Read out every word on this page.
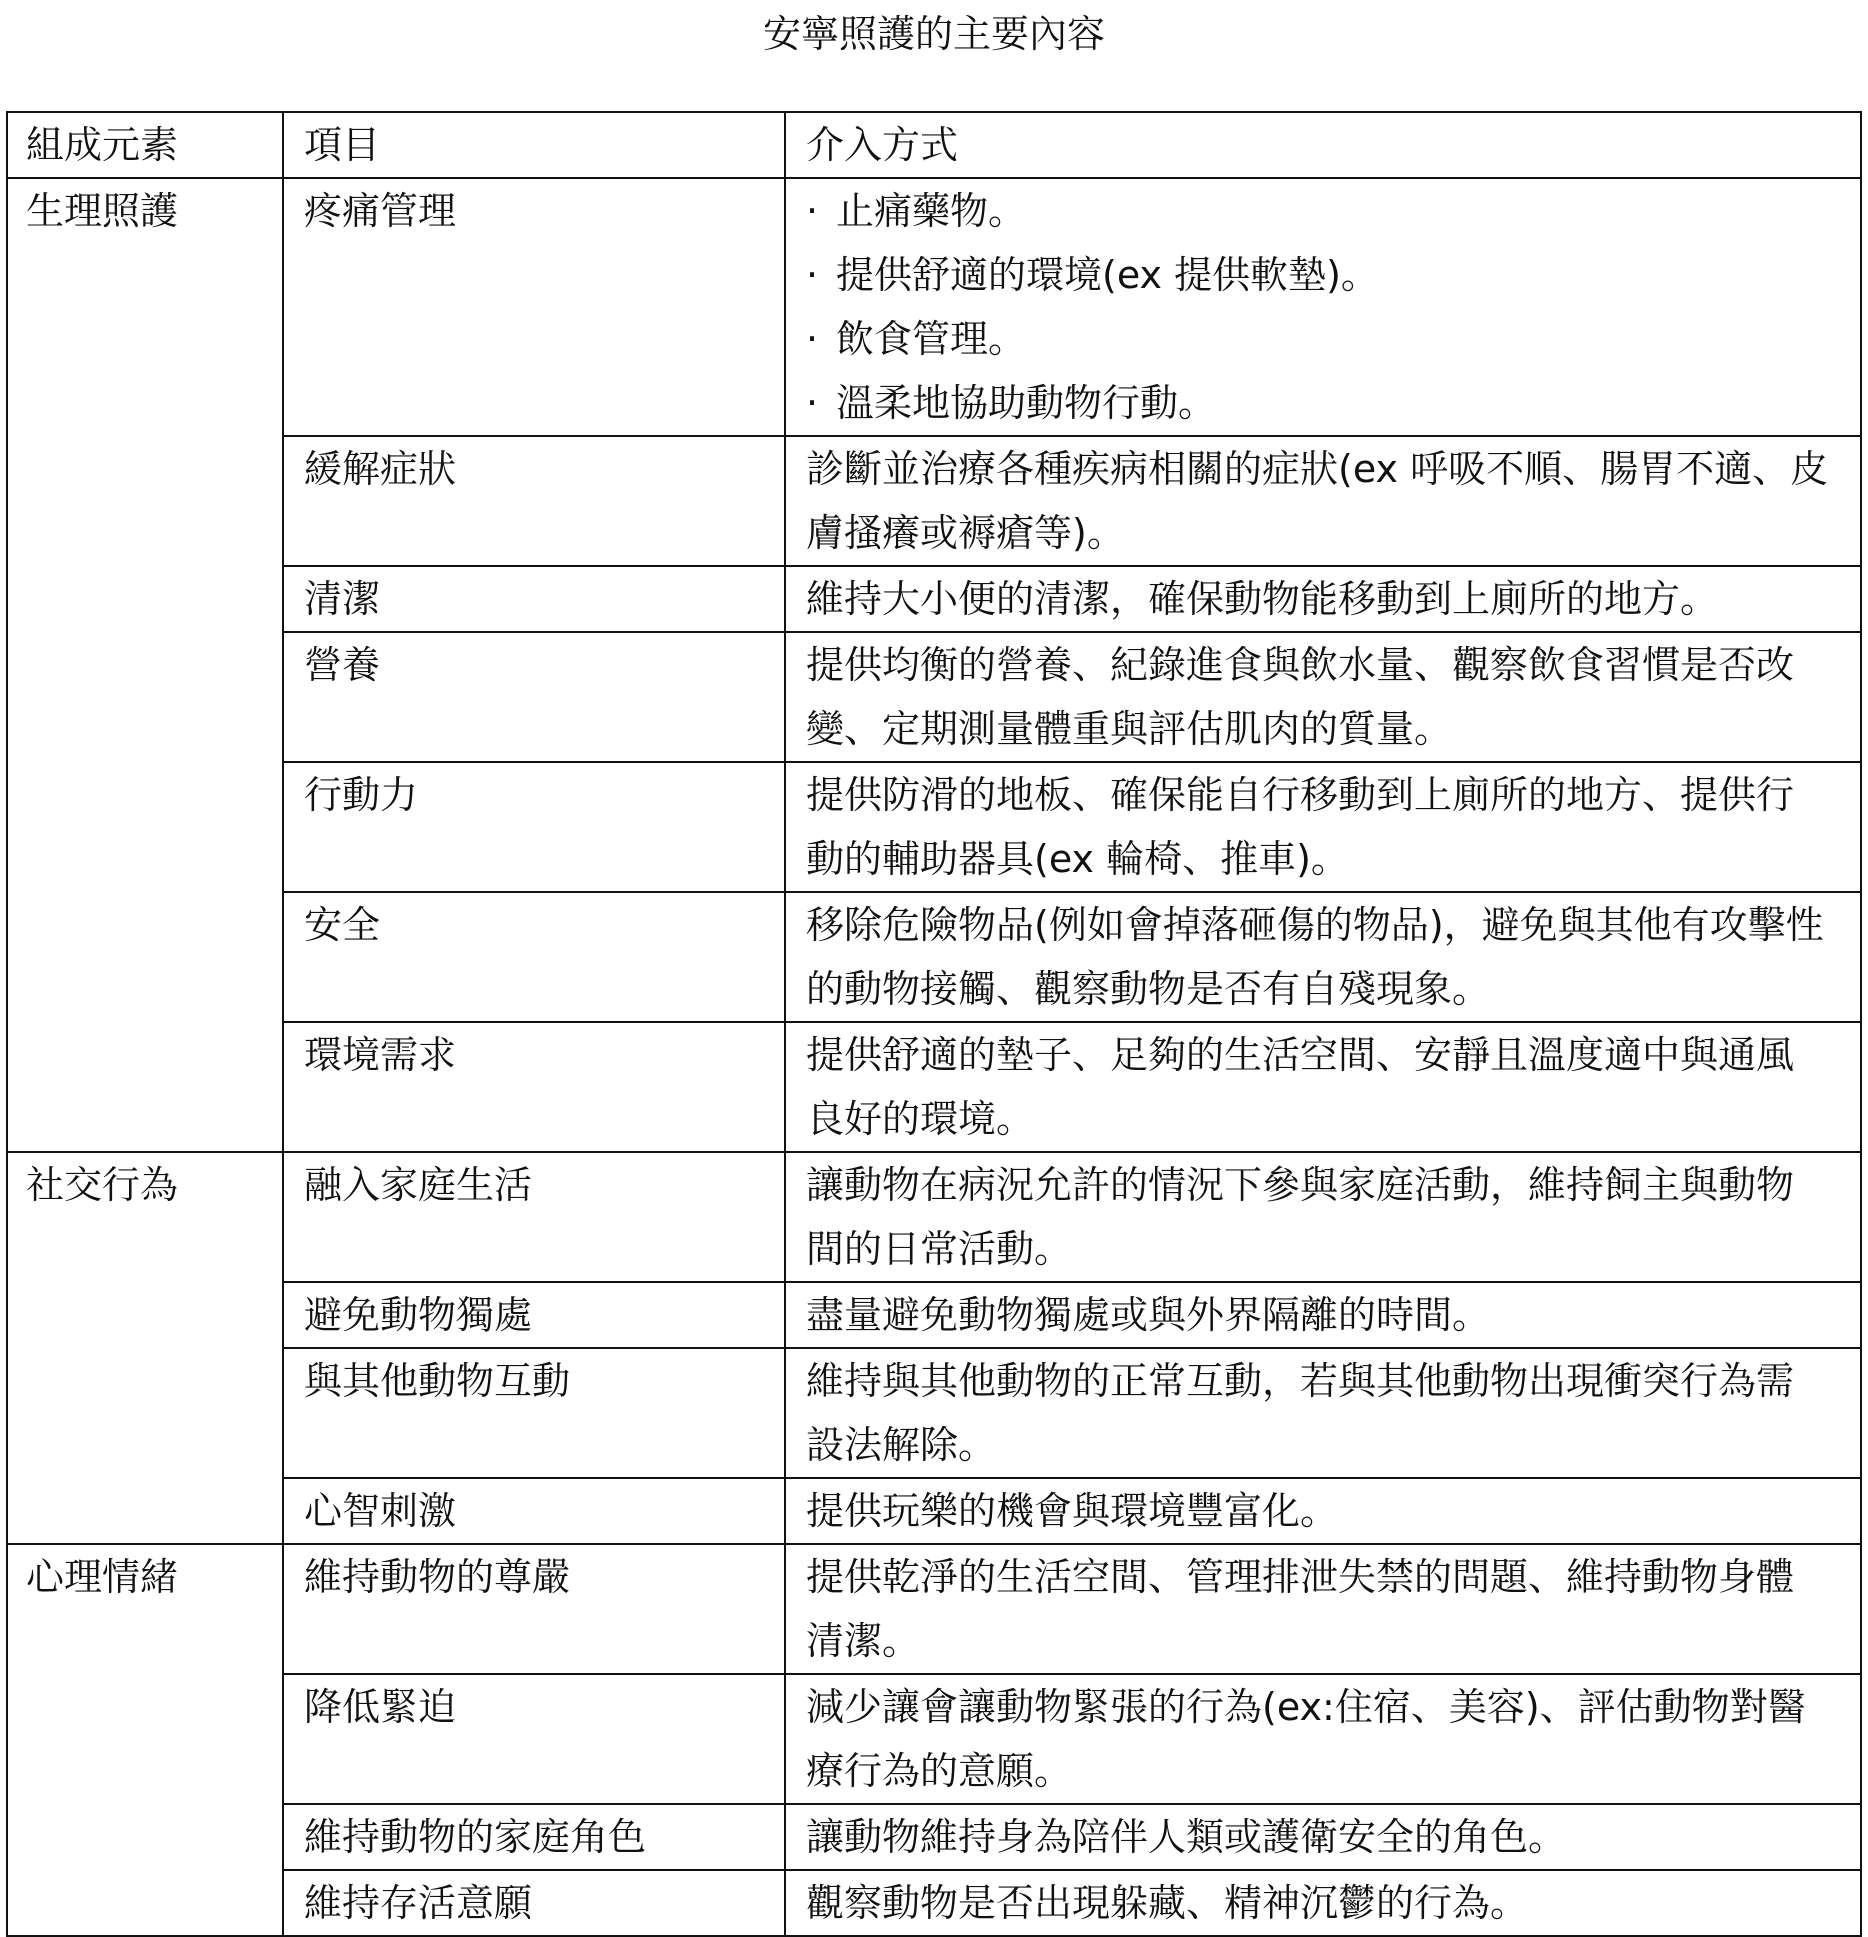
安寧照護的主要內容
組成元素	項目	介入方式
生理照護	疼痛管理	· 止痛藥物。
· 提供舒適的環境(ex 提供軟墊)。
· 飲食管理。
· 溫柔地協助動物行動。

	緩解症狀	診斷並治療各種疾病相關的症狀(ex 呼吸不順、腸胃不適、皮膚搔癢或褥瘡等)。
	清潔	維持大小便的清潔，確保動物能移動到上廁所的地方。
	營養	提供均衡的營養、紀錄進食與飲水量、觀察飲食習慣是否改變、定期測量體重與評估肌肉的質量。
	行動力	提供防滑的地板、確保能自行移動到上廁所的地方、提供行動的輔助器具(ex 輪椅、推車)。
	安全	移除危險物品(例如會掉落砸傷的物品)，避免與其他有攻擊性的動物接觸、觀察動物是否有自殘現象。
	環境需求	提供舒適的墊子、足夠的生活空間、安靜且溫度適中與通風良好的環境。
社交行為	融入家庭生活	讓動物在病況允許的情況下參與家庭活動，維持飼主與動物間的日常活動。
	避免動物獨處	盡量避免動物獨處或與外界隔離的時間。
	與其他動物互動	維持與其他動物的正常互動，若與其他動物出現衝突行為需設法解除。
	心智刺激	提供玩樂的機會與環境豐富化。
心理情緒	維持動物的尊嚴	提供乾淨的生活空間、管理排泄失禁的問題、維持動物身體清潔。
	降低緊迫	減少讓會讓動物緊張的行為(ex:住宿、美容)、評估動物對醫療行為的意願。
	維持動物的家庭角色	讓動物維持身為陪伴人類或護衛安全的角色。
	維持存活意願	觀察動物是否出現躲藏、精神沉鬱的行為。
